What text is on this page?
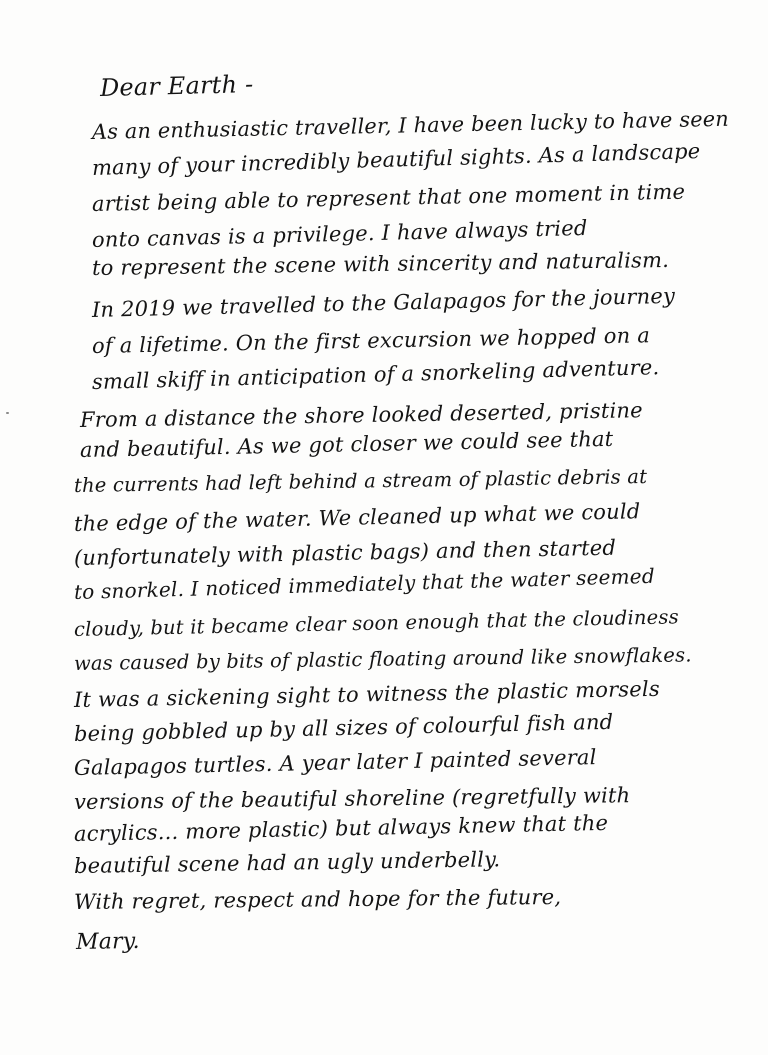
Dear Earth -
As an enthusiastic traveller, I have been lucky to have seen
many of your incredibly beautiful sights. As a landscape
artist being able to represent that one moment in time
onto canvas is a privilege. I have always tried
to represent the scene with sincerity and naturalism.
In 2019 we travelled to the Galapagos for the journey
of a lifetime. On the first excursion we hopped on a
small skiff in anticipation of a snorkeling adventure.
From a distance the shore looked deserted, pristine
and beautiful. As we got closer we could see that
the currents had left behind a stream of plastic debris at
the edge of the water. We cleaned up what we could
(unfortunately with plastic bags) and then started
to snorkel. I noticed immediately that the water seemed
cloudy, but it became clear soon enough that the cloudiness
was caused by bits of plastic floating around like snowflakes.
It was a sickening sight to witness the plastic morsels
being gobbled up by all sizes of colourful fish and
Galapagos turtles. A year later I painted several
versions of the beautiful shoreline (regretfully with
acrylics... more plastic) but always knew that the
beautiful scene had an ugly underbelly.
With regret, respect and hope for the future,
Mary.
